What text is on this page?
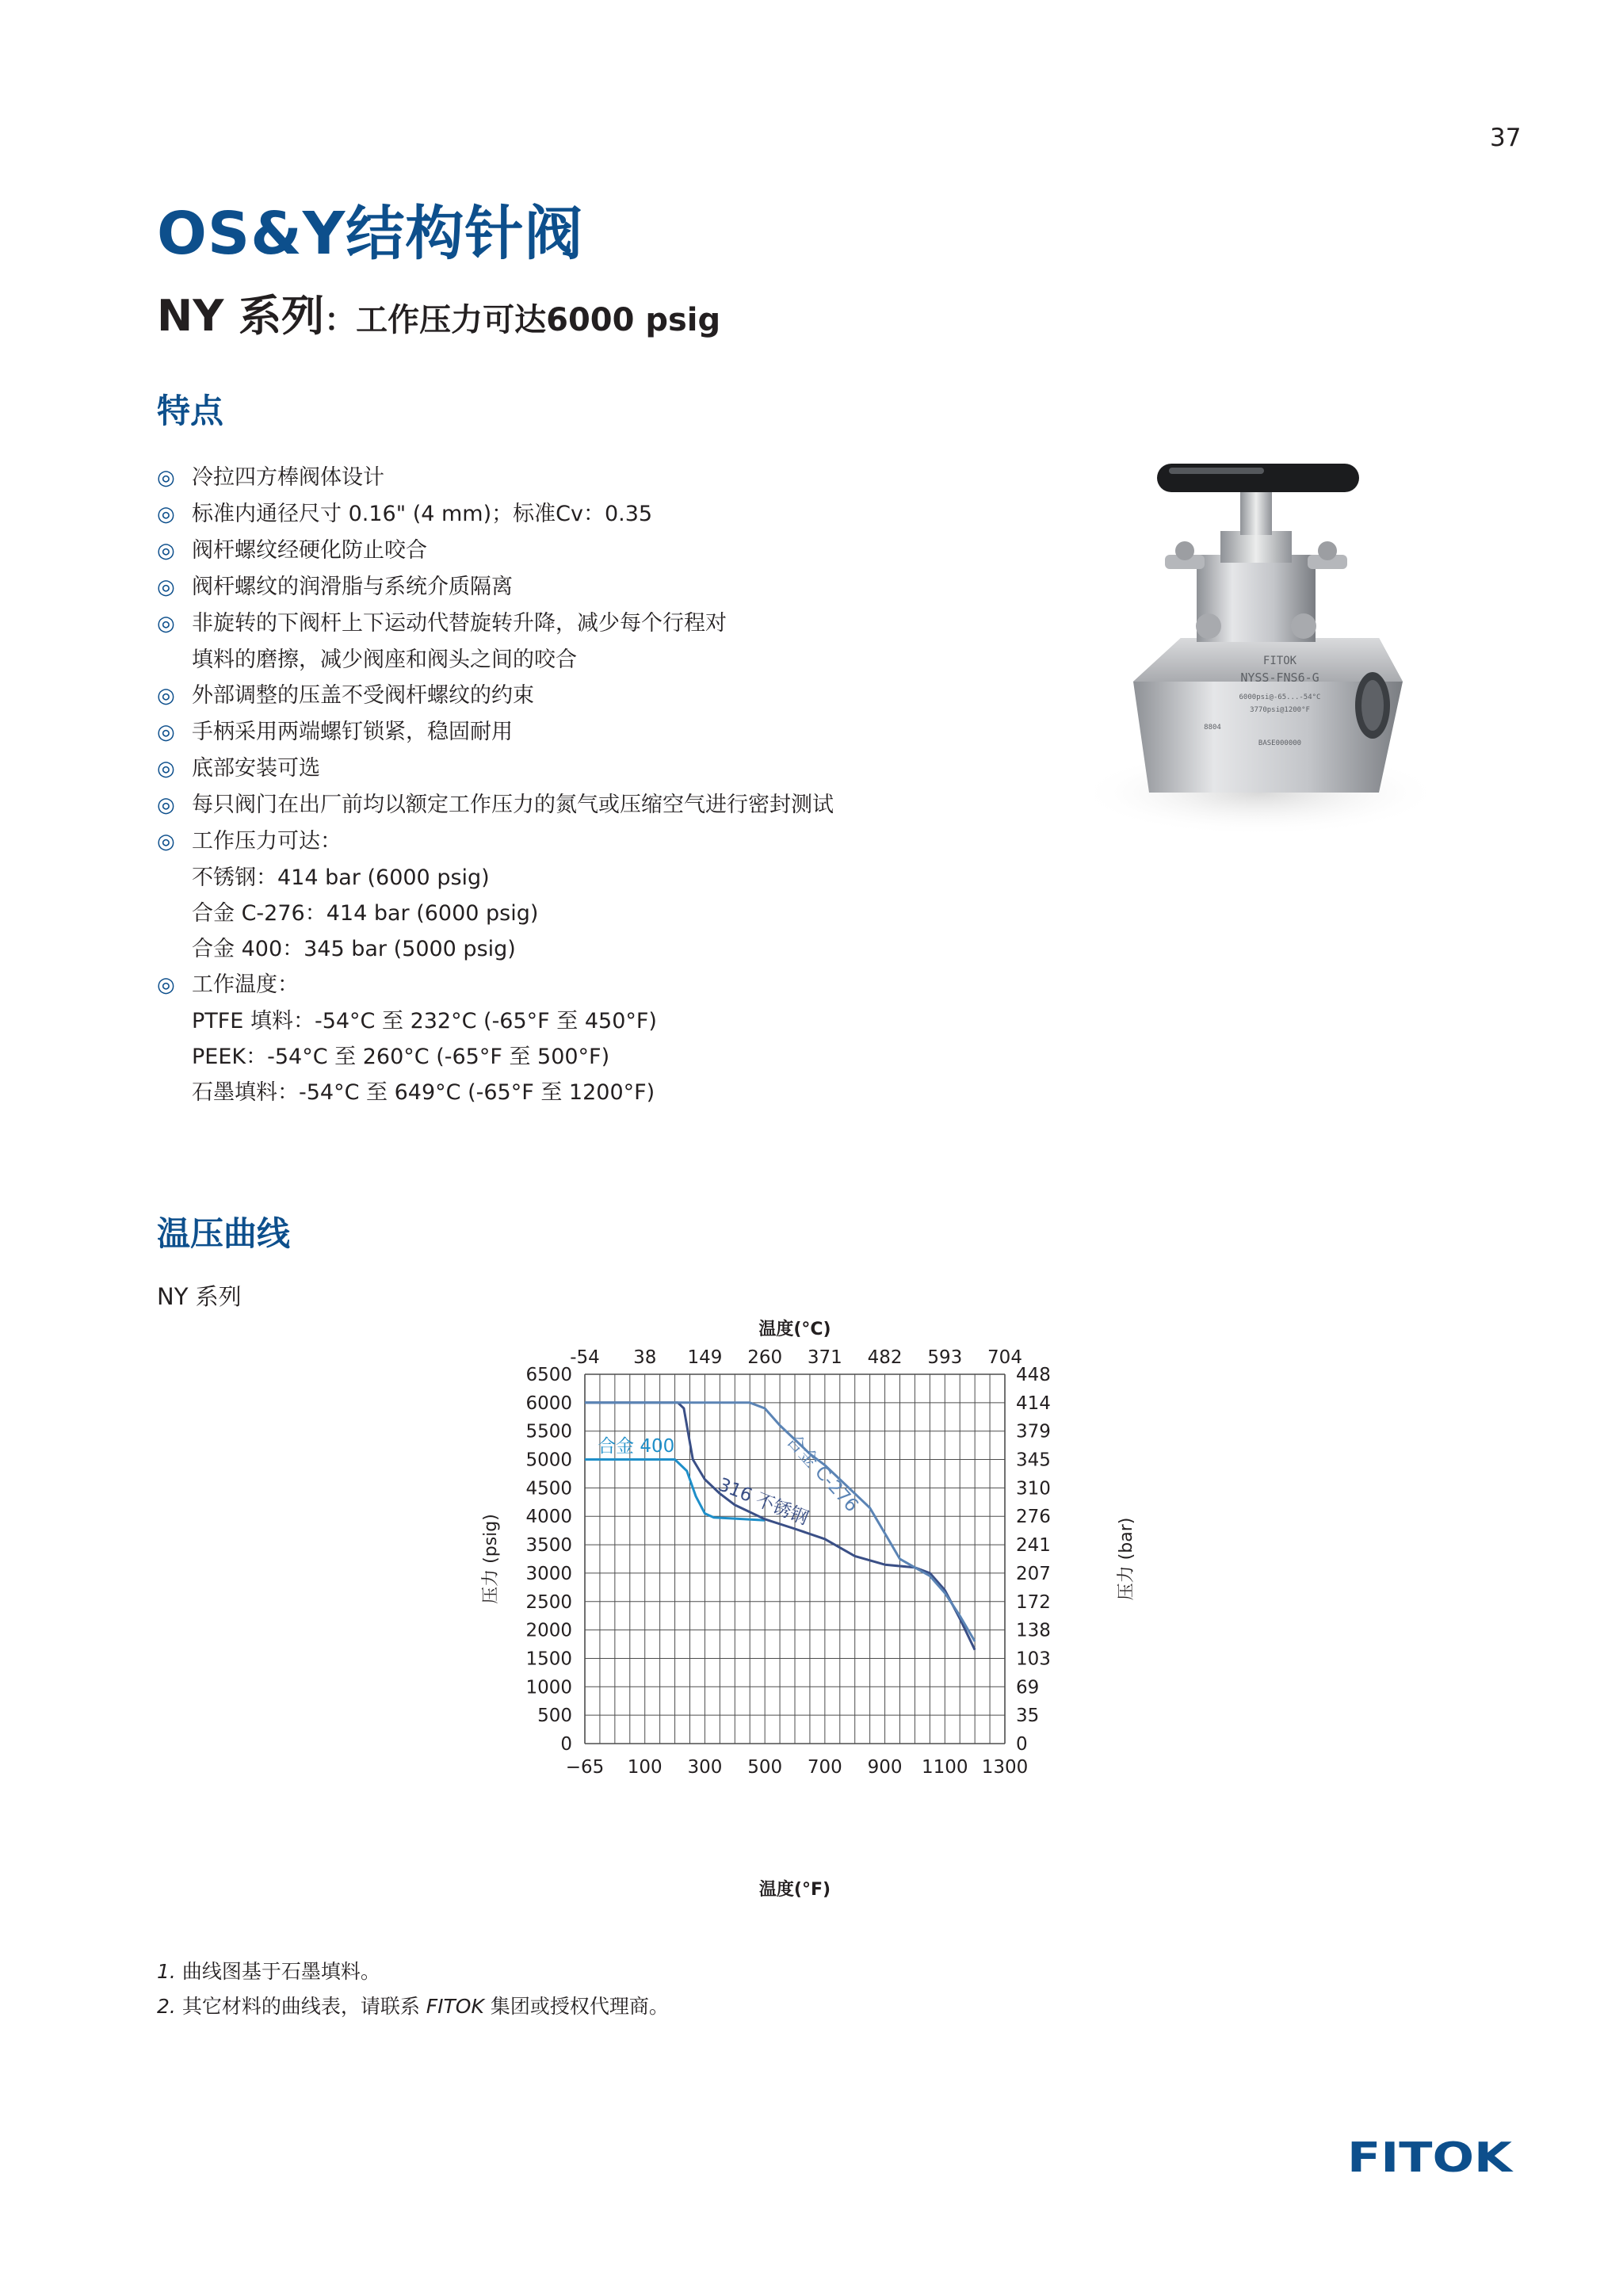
37
OS&Y结构针阀
NY 系列：工作压力可达6000 psig
特点
◎ 冷拉四方棒阀体设计
◎ 标准内通径尺寸 0.16" (4 mm)；标准Cv：0.35
◎ 阀杆螺纹经硬化防止咬合
◎ 阀杆螺纹的润滑脂与系统介质隔离
◎ 非旋转的下阀杆上下运动代替旋转升降，减少每个行程对
填料的磨擦，减少阀座和阀头之间的咬合
◎ 外部调整的压盖不受阀杆螺纹的约束
◎ 手柄采用两端螺钉锁紧，稳固耐用
◎ 底部安装可选
◎ 每只阀门在出厂前均以额定工作压力的氮气或压缩空气进行密封测试
◎ 工作压力可达：
不锈钢：414 bar (6000 psig)
合金 C-276：414 bar (6000 psig)
合金 400：345 bar (5000 psig)
◎ 工作温度：
PTFE 填料：-54°C 至 232°C (-65°F 至 450°F)
PEEK：-54°C 至 260°C (-65°F 至 500°F)
石墨填料：-54°C 至 649°C (-65°F 至 1200°F)
FITOK
NYSS-FNS6-G
6000psi@-65...-54°C
3770psi@1200°F
8804
BASE000000
温压曲线
NY 系列
6500
6000
5500
5000
4500
4000
3500
3000
2500
2000
1500
1000
500
0
448
414
379
345
310
276
241
207
172
138
103
69
35
0
−65 100 300 500 700 900 1100 1300
-54 38 149 260 371 482 593 704
温度(°C)
温度(°F)
压力 (psig)	压力 (bar)
合金 400	合金 C-276
316 不锈钢
1. 曲线图基于石墨填料。
2. 其它材料的曲线表，请联系 FITOK 集团或授权代理商。
FITOK
